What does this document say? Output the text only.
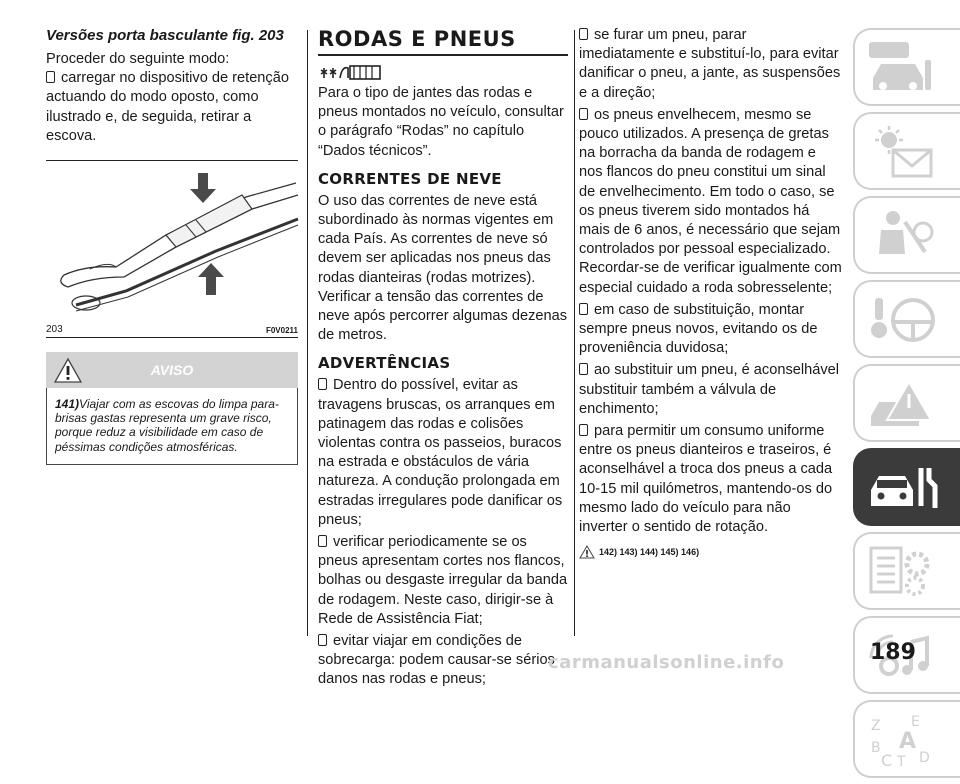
Versões porta basculante fig. 203

Proceder do seguinte modo:

carregar no dispositivo de retenção actuando do modo oposto, como ilustrado e, de seguida, retirar a escova.
203	F0V0211
AVISO
141)Viajar com as escovas do limpa para-brisas gastas representa um grave risco, porque reduz a visibilidade em caso de péssimas condições atmosféricas.
RODAS E PNEUS

Para o tipo de jantes das rodas e pneus montados no veículo, consultar o parágrafo “Rodas” no capítulo “Dados técnicos”.

CORRENTES DE NEVE

O uso das correntes de neve está subordinado às normas vigentes em cada País. As correntes de neve só devem ser aplicadas nos pneus das rodas dianteiras (rodas motrizes). Verificar a tensão das correntes de neve após percorrer algumas dezenas de metros.

ADVERTÊNCIAS
Dentro do possível, evitar as travagens bruscas, os arranques em patinagem das rodas e colisões violentas contra os passeios, buracos na estrada e obstáculos de vária natureza. A condução prolongada em estradas irregulares pode danificar os pneus;
verificar periodicamente se os pneus apresentam cortes nos flancos, bolhas ou desgaste irregular da banda de rodagem. Neste caso, dirigir-se à Rede de Assistência Fiat;
evitar viajar em condições de sobrecarga: podem causar-se sérios danos nas rodas e pneus;
se furar um pneu, parar imediatamente e substituí-lo, para evitar danificar o pneu, a jante, as suspensões e a direção;
os pneus envelhecem, mesmo se pouco utilizados. A presença de gretas na borracha da banda de rodagem e nos flancos do pneu constitui um sinal de envelhecimento. Em todo o caso, se os pneus tiverem sido montados há mais de 6 anos, é necessário que sejam controlados por pessoal especializado. Recordar-se de verificar igualmente com especial cuidado a roda sobresselente;
em caso de substituição, montar sempre pneus novos, evitando os de proveniência duvidosa;
ao substituir um pneu, é aconselhável substituir também a válvula de enchimento;
para permitir um consumo uniforme entre os pneus dianteiros e traseiros, é aconselhável a troca dos pneus a cada 10-15 mil quilómetros, mantendo-os do mesmo lado do veículo para não inverter o sentido de rotação.
142) 143) 144) 145) 146)
Z E
A
B
C T D
189
carmanualsonline.info
